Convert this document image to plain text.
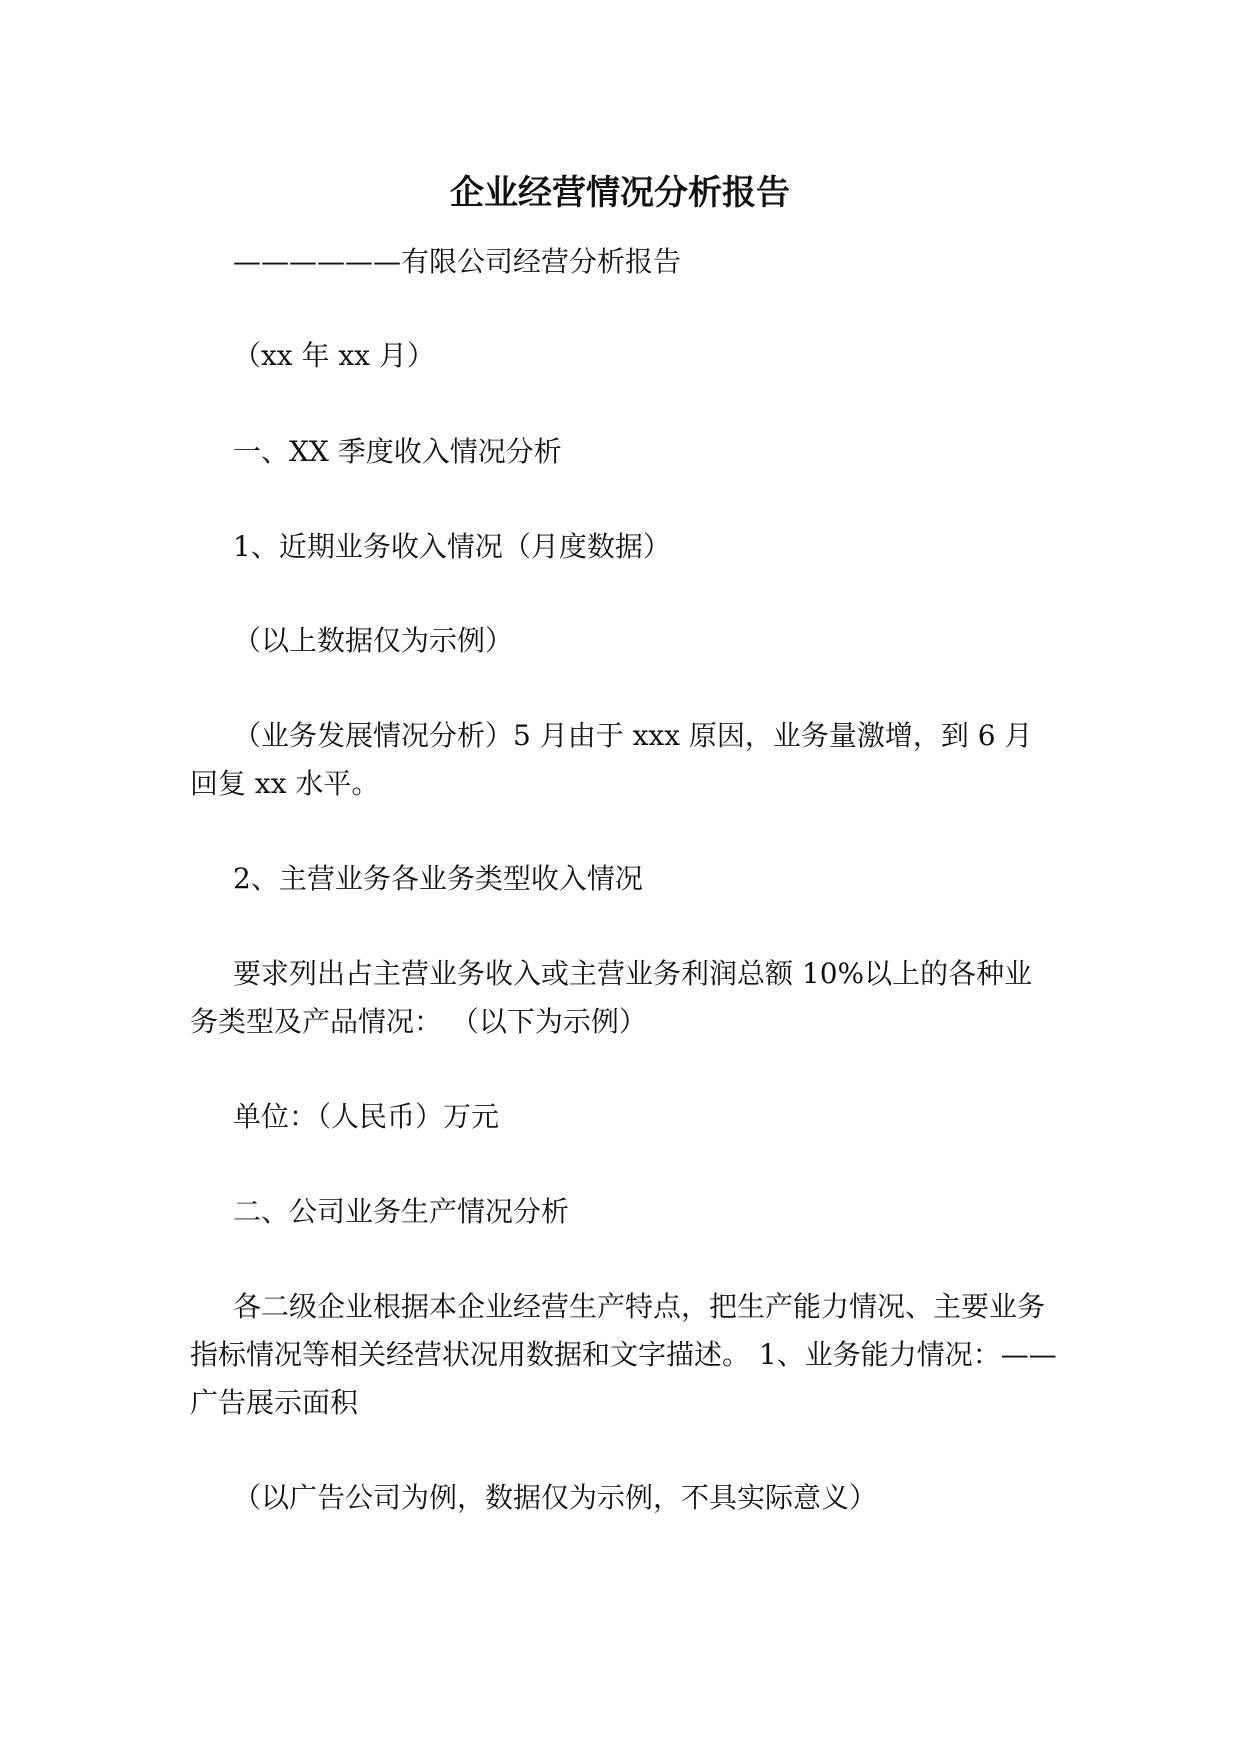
企业经营情况分析报告
——————有限公司经营分析报告
（xx 年 xx 月）
一、XX 季度收入情况分析
1、近期业务收入情况（月度数据）
（以上数据仅为示例）
（业务发展情况分析）5 月由于 xxx 原因，业务量激增，到 6 月回复 xx 水平。
2、主营业务各业务类型收入情况
要求列出占主营业务收入或主营业务利润总额 10%以上的各种业务类型及产品情况： （以下为示例）
单位：（人民币）万元
二、公司业务生产情况分析
各二级企业根据本企业经营生产特点，把生产能力情况、主要业务指标情况等相关经营状况用数据和文字描述。 1、业务能力情况：——广告展示面积
（以广告公司为例，数据仅为示例，不具实际意义）
